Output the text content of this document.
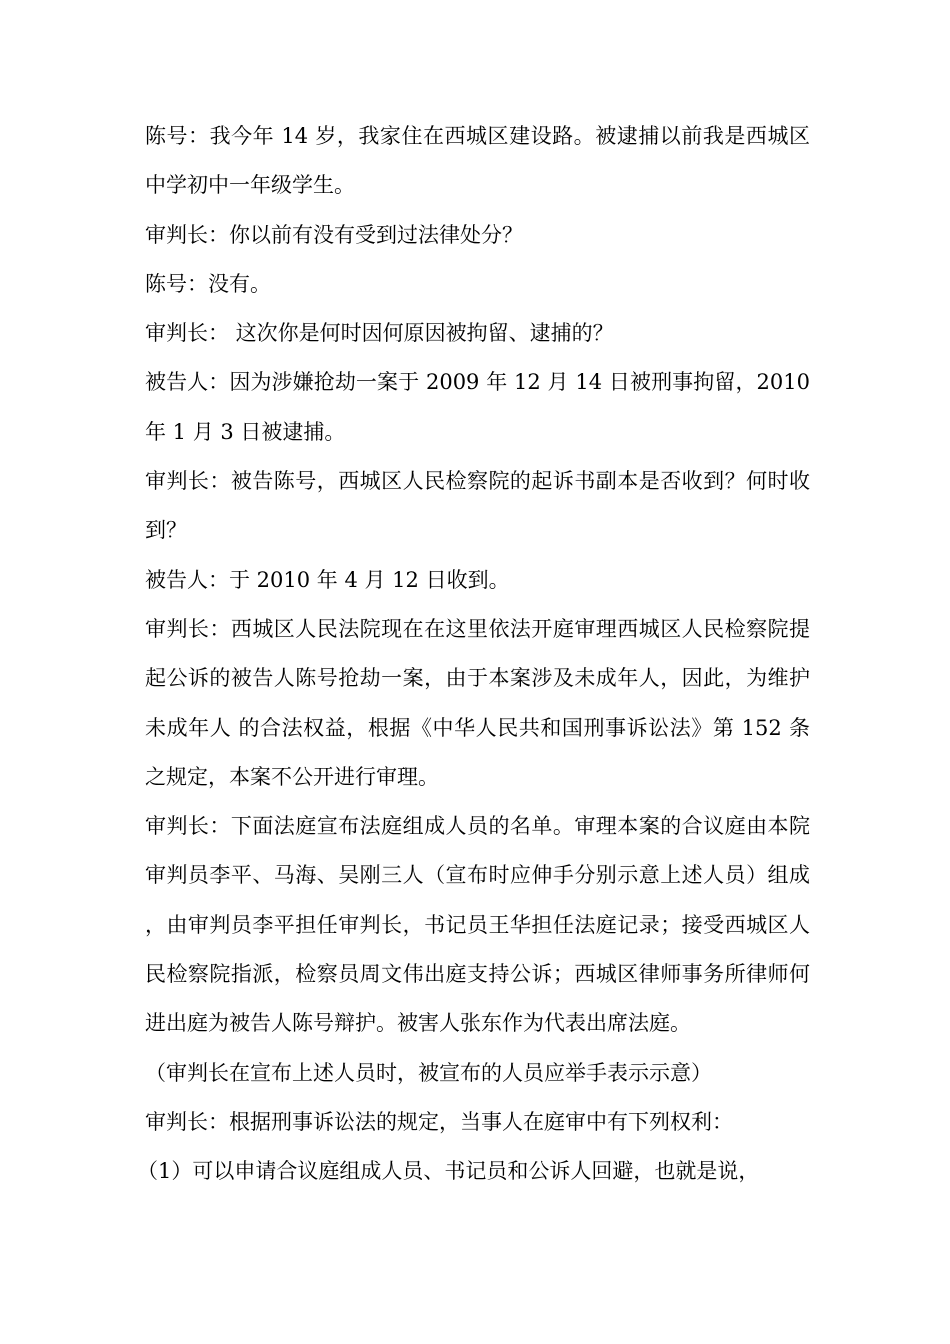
陈号：我今年 14 岁，我家住在西城区建设路。被逮捕以前我是西城区中学初中一年级学生。

审判长：你以前有没有受到过法律处分？

陈号：没有。

审判长： 这次你是何时因何原因被拘留、逮捕的？

被告人：因为涉嫌抢劫一案于 2009 年 12 月 14 日被刑事拘留，2010 年 1 月 3 日被逮捕。

审判长：被告陈号，西城区人民检察院的起诉书副本是否收到？何时收到？

被告人：于 2010 年 4 月 12 日收到。

审判长：西城区人民法院现在在这里依法开庭审理西城区人民检察院提起公诉的被告人陈号抢劫一案，由于本案涉及未成年人，因此，为维护未成年人 的合法权益，根据《中华人民共和国刑事诉讼法》第 152 条之规定，本案不公开进行审理。

审判长：下面法庭宣布法庭组成人员的名单。审理本案的合议庭由本院审判员李平、马海、吴刚三人（宣布时应伸手分别示意上述人员）组成，由审判员李平担任审判长，书记员王华担任法庭记录；接受西城区人民检察院指派，检察员周文伟出庭支持公诉；西城区律师事务所律师何进出庭为被告人陈号辩护。被害人张东作为代表出席法庭。

（审判长在宣布上述人员时，被宣布的人员应举手表示示意）

审判长：根据刑事诉讼法的规定，当事人在庭审中有下列权利：

（1）可以申请合议庭组成人员、书记员和公诉人回避，也就是说，
